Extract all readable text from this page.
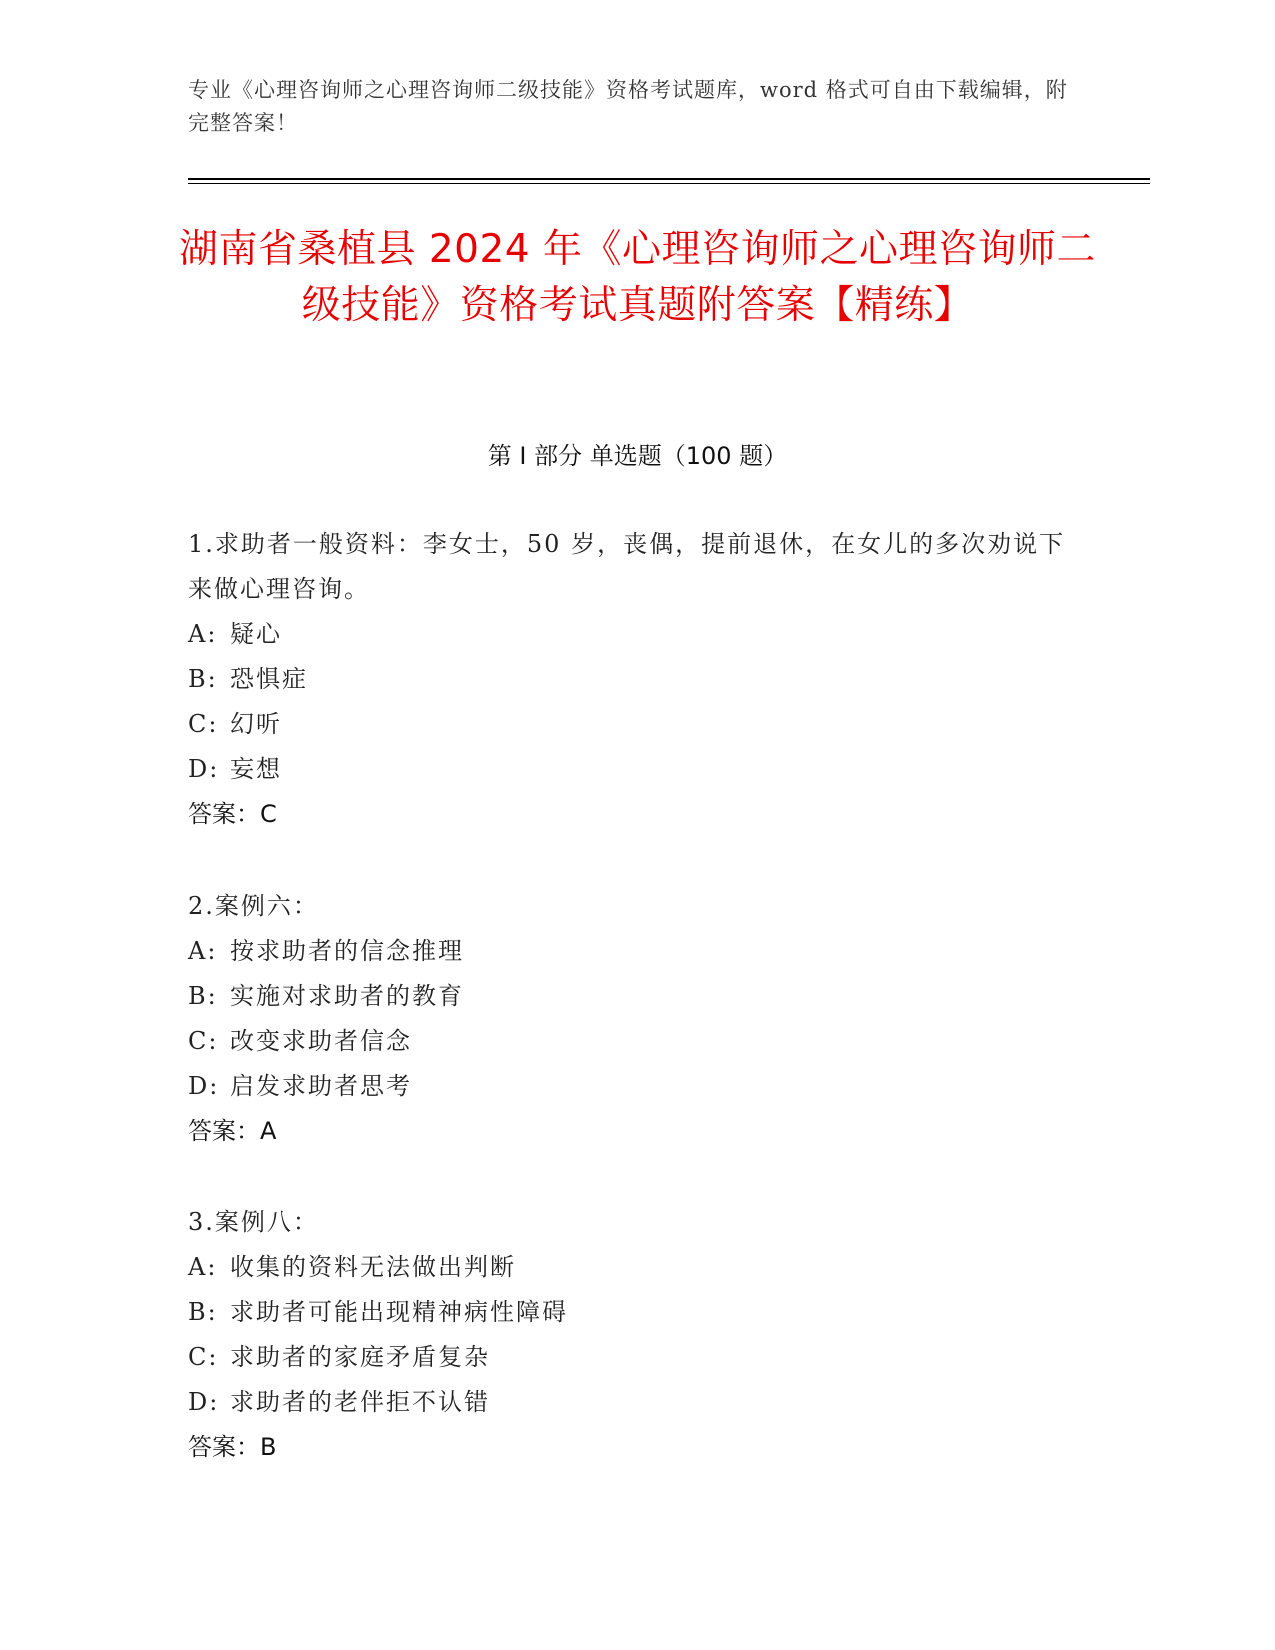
专业《心理咨询师之心理咨询师二级技能》资格考试题库，word 格式可自由下载编辑，附完整答案！
湖南省桑植县 2024 年《心理咨询师之心理咨询师二级技能》资格考试真题附答案【精练】
第 I 部分 单选题（100 题）
1.求助者一般资料：李女士，50 岁，丧偶，提前退休，在女儿的多次劝说下来做心理咨询。
A: 疑心
B: 恐惧症
C: 幻听
D: 妄想
答案：C
2.案例六：
A: 按求助者的信念推理
B: 实施对求助者的教育
C: 改变求助者信念
D: 启发求助者思考
答案：A
3.案例八：
A: 收集的资料无法做出判断
B: 求助者可能出现精神病性障碍
C: 求助者的家庭矛盾复杂
D: 求助者的老伴拒不认错
答案：B
